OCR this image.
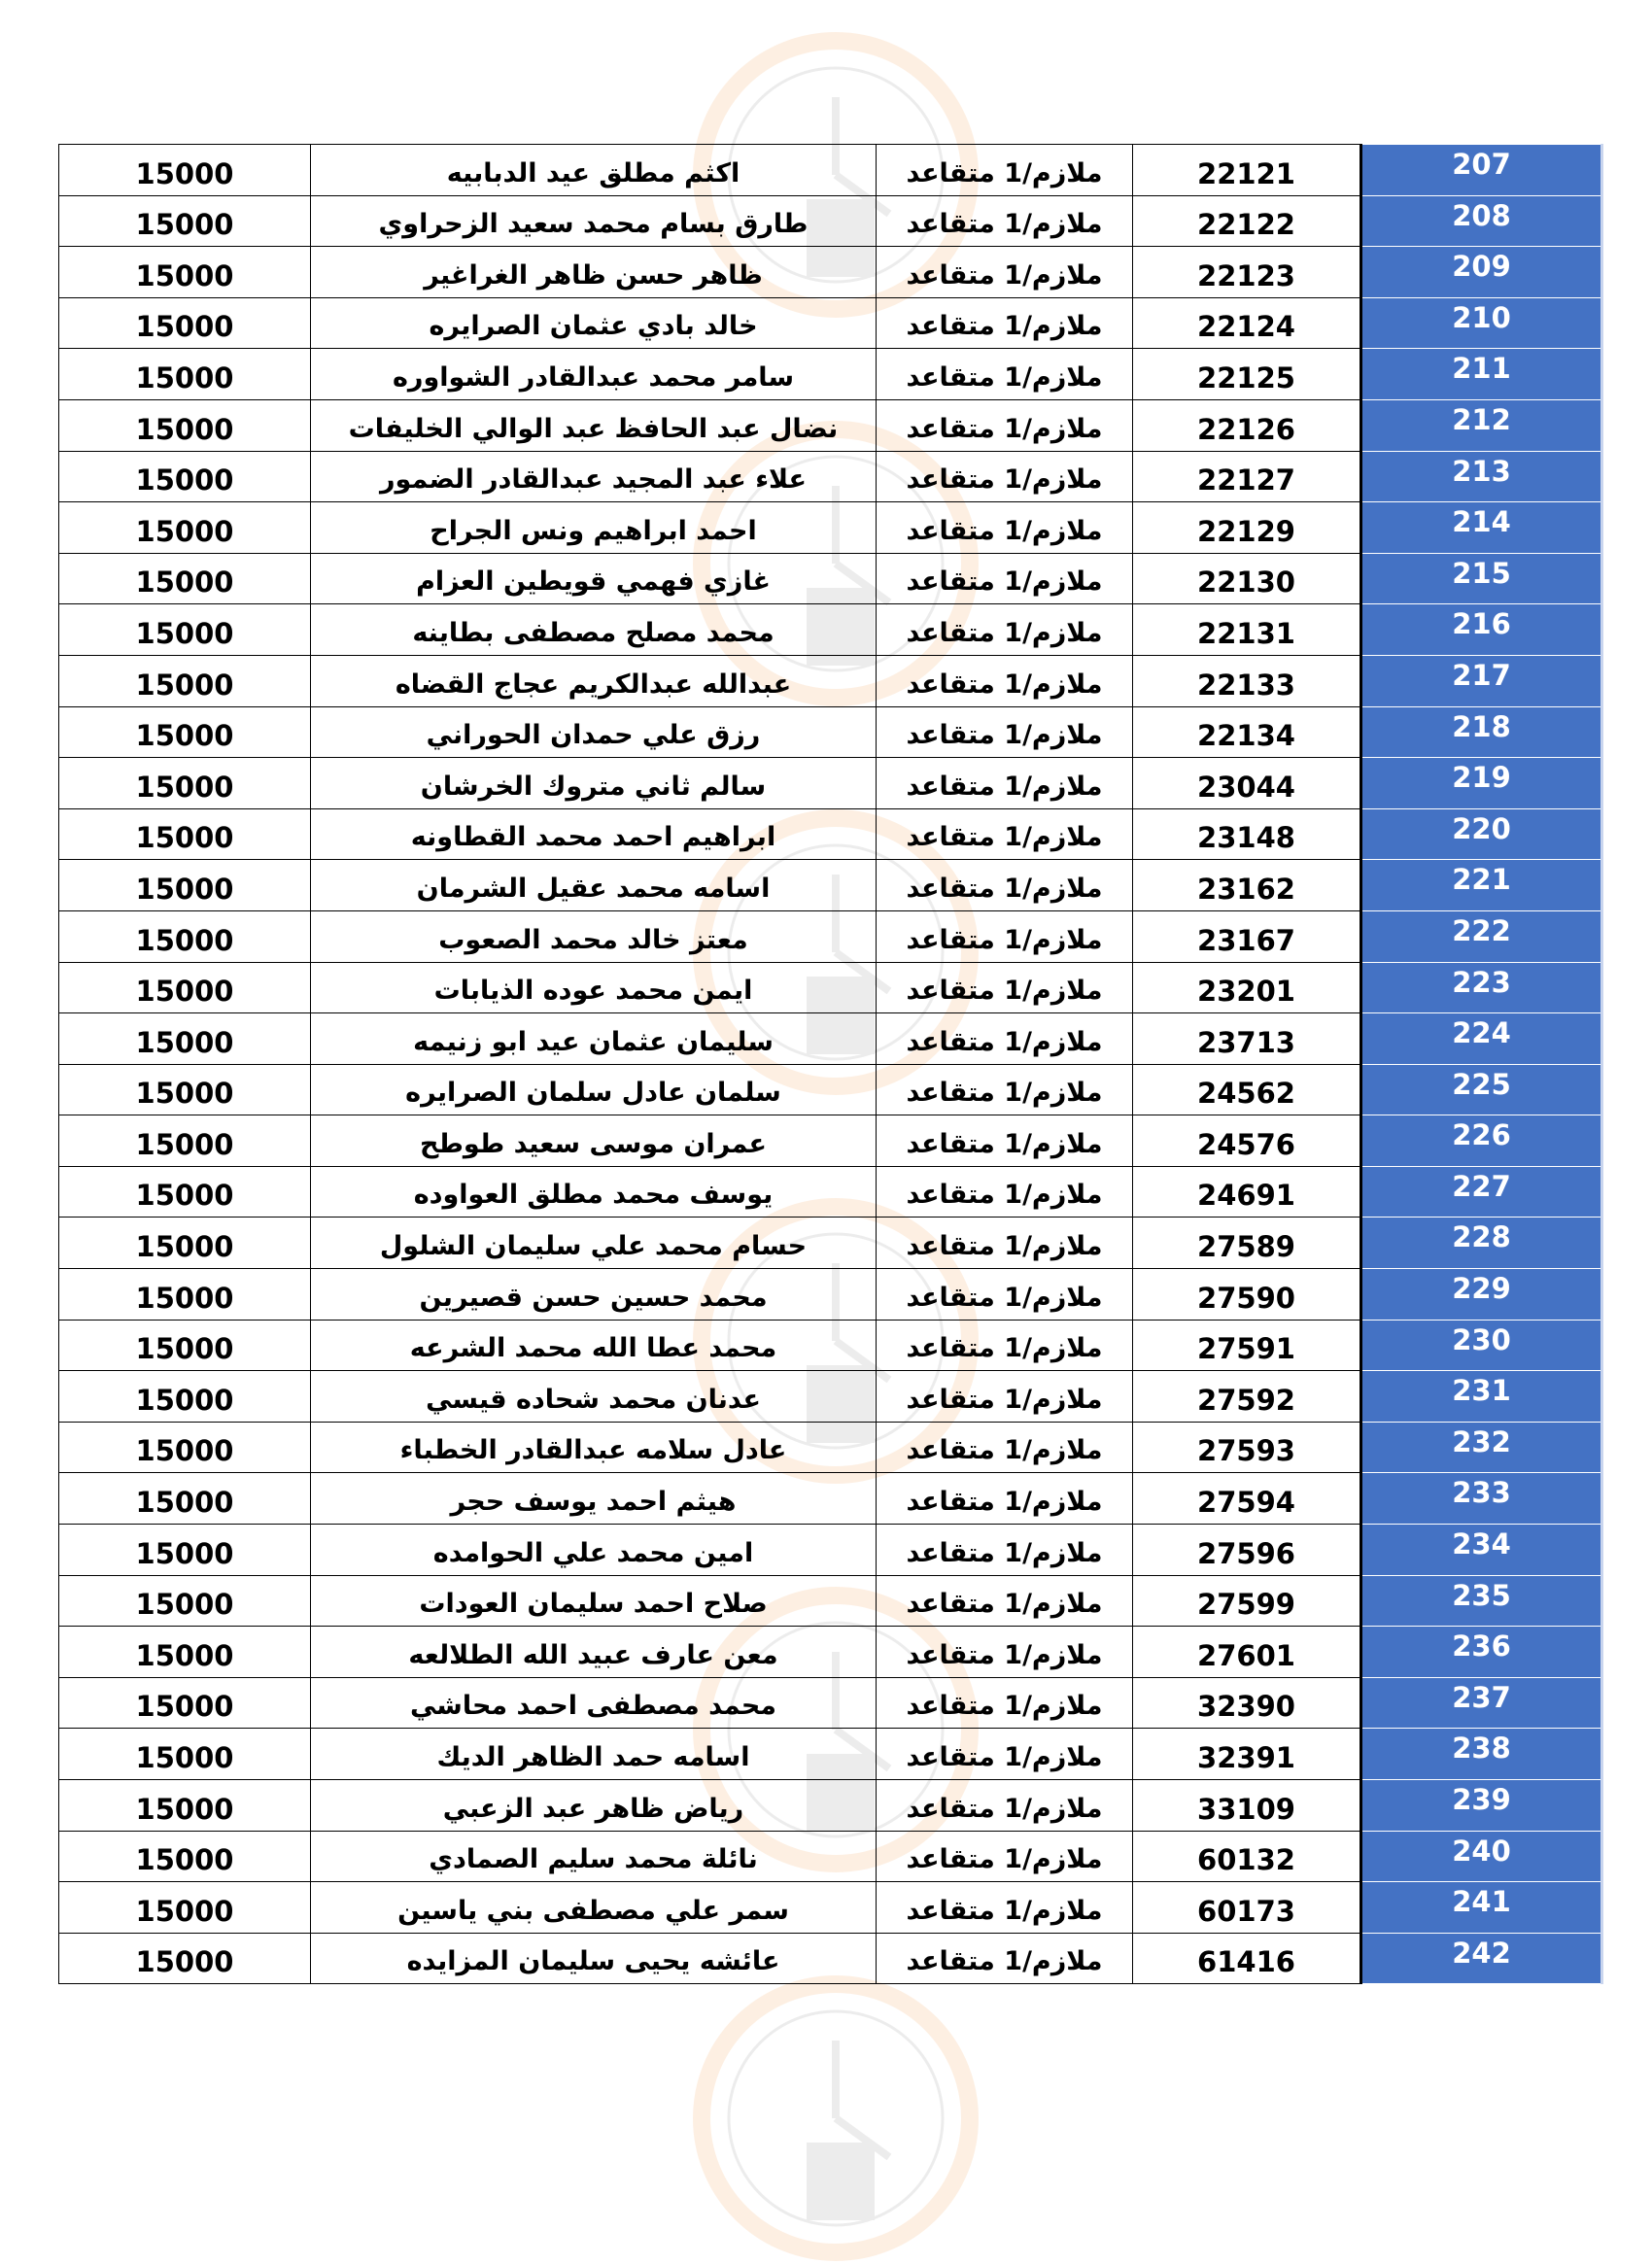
15000	اكثم مطلق عيد الدبابيه	ملازم/1 متقاعد	22121	207
15000	طارق بسام محمد سعيد الزحراوي	ملازم/1 متقاعد	22122	208
15000	ظاهر حسن ظاهر الغراغير	ملازم/1 متقاعد	22123	209
15000	خالد بادي عثمان الصرايره	ملازم/1 متقاعد	22124	210
15000	سامر محمد عبدالقادر الشواوره	ملازم/1 متقاعد	22125	211
15000	نضال عبد الحافظ عبد الوالي الخليفات	ملازم/1 متقاعد	22126	212
15000	علاء عبد المجيد عبدالقادر الضمور	ملازم/1 متقاعد	22127	213
15000	احمد ابراهيم ونس الجراح	ملازم/1 متقاعد	22129	214
15000	غازي فهمي قويطين العزام	ملازم/1 متقاعد	22130	215
15000	محمد مصلح مصطفى بطاينه	ملازم/1 متقاعد	22131	216
15000	عبدالله عبدالكريم عجاج القضاه	ملازم/1 متقاعد	22133	217
15000	رزق علي حمدان الحوراني	ملازم/1 متقاعد	22134	218
15000	سالم ثاني متروك الخرشان	ملازم/1 متقاعد	23044	219
15000	ابراهيم احمد محمد القطاونه	ملازم/1 متقاعد	23148	220
15000	اسامه محمد عقيل الشرمان	ملازم/1 متقاعد	23162	221
15000	معتز خالد محمد الصعوب	ملازم/1 متقاعد	23167	222
15000	ايمن محمد عوده الذيابات	ملازم/1 متقاعد	23201	223
15000	سليمان عثمان عيد ابو زنيمه	ملازم/1 متقاعد	23713	224
15000	سلمان عادل سلمان الصرايره	ملازم/1 متقاعد	24562	225
15000	عمران موسى سعيد طوطح	ملازم/1 متقاعد	24576	226
15000	يوسف محمد مطلق العواوده	ملازم/1 متقاعد	24691	227
15000	حسام محمد علي سليمان الشلول	ملازم/1 متقاعد	27589	228
15000	محمد حسين حسن قصيرين	ملازم/1 متقاعد	27590	229
15000	محمد عطا الله محمد الشرعه	ملازم/1 متقاعد	27591	230
15000	عدنان محمد شحاده قيسي	ملازم/1 متقاعد	27592	231
15000	عادل سلامه عبدالقادر الخطباء	ملازم/1 متقاعد	27593	232
15000	هيثم احمد يوسف حجر	ملازم/1 متقاعد	27594	233
15000	امين محمد علي الحوامده	ملازم/1 متقاعد	27596	234
15000	صلاح احمد سليمان العودات	ملازم/1 متقاعد	27599	235
15000	معن عارف عبيد الله الطلالعه	ملازم/1 متقاعد	27601	236
15000	محمد مصطفى احمد محاشي	ملازم/1 متقاعد	32390	237
15000	اسامه حمد الظاهر الديك	ملازم/1 متقاعد	32391	238
15000	رياض ظاهر عبد الزعبي	ملازم/1 متقاعد	33109	239
15000	نائلة محمد سليم الصمادي	ملازم/1 متقاعد	60132	240
15000	سمر علي مصطفى بني ياسين	ملازم/1 متقاعد	60173	241
15000	عائشه يحيى سليمان المزايده	ملازم/1 متقاعد	61416	242
